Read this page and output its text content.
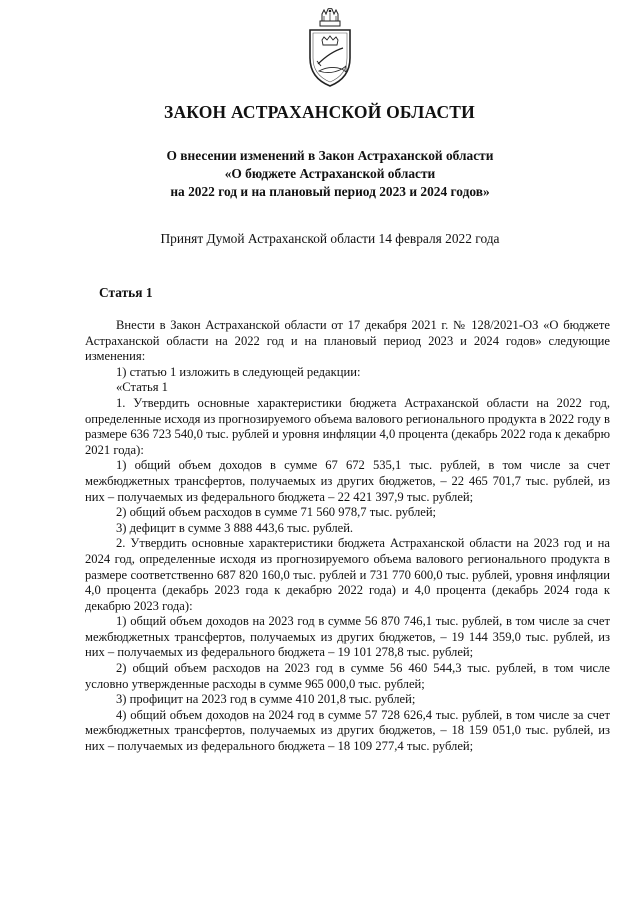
ЗАКОН АСТРАХАНСКОЙ ОБЛАСТИ

О внесении изменений в Закон Астраханской области
«О бюджете Астраханской области
на 2022 год и на плановый период 2023 и 2024 годов»

Принят Думой Астраханской области 14 февраля 2022 года

Статья 1

Внести в Закон Астраханской области от 17 декабря 2021 г. № 128/2021-ОЗ «О бюджете Астраханской области на 2022 год и на плановый период 2023 и 2024 годов» следующие изменения:

1) статью 1 изложить в следующей редакции:

«Статья 1

1. Утвердить основные характеристики бюджета Астраханской области на 2022 год, определенные исходя из прогнозируемого объема валового регионального продукта в 2022 году в размере 636 723 540,0 тыс. рублей и уровня инфляции 4,0 процента (декабрь 2022 года к декабрю 2021 года):

1) общий объем доходов в сумме 67 672 535,1 тыс. рублей, в том числе за счет межбюджетных трансфертов, получаемых из других бюджетов, – 22 465 701,7 тыс. рублей, из них – получаемых из федерального бюджета – 22 421 397,9 тыс. рублей;

2) общий объем расходов в сумме 71 560 978,7 тыс. рублей;

3) дефицит в сумме 3 888 443,6 тыс. рублей.

2. Утвердить основные характеристики бюджета Астраханской области на 2023 год и на 2024 год, определенные исходя из прогнозируемого объема валового регионального продукта в размере соответственно 687 820 160,0 тыс. рублей и 731 770 600,0 тыс. рублей, уровня инфляции 4,0 процента (декабрь 2023 года к декабрю 2022 года) и 4,0 процента (декабрь 2024 года к декабрю 2023 года):

1) общий объем доходов на 2023 год в сумме 56 870 746,1 тыс. рублей, в том числе за счет межбюджетных трансфертов, получаемых из других бюджетов, – 19 144 359,0 тыс. рублей, из них – получаемых из федерального бюджета – 19 101 278,8 тыс. рублей;

2) общий объем расходов на 2023 год в сумме 56 460 544,3 тыс. рублей, в том числе условно утвержденные расходы в сумме 965 000,0 тыс. рублей;

3) профицит на 2023 год в сумме 410 201,8 тыс. рублей;

4) общий объем доходов на 2024 год в сумме 57 728 626,4 тыс. рублей, в том числе за счет межбюджетных трансфертов, получаемых из других бюджетов, – 18 159 051,0 тыс. рублей, из них – получаемых из федерального бюджета – 18 109 277,4 тыс. рублей;
